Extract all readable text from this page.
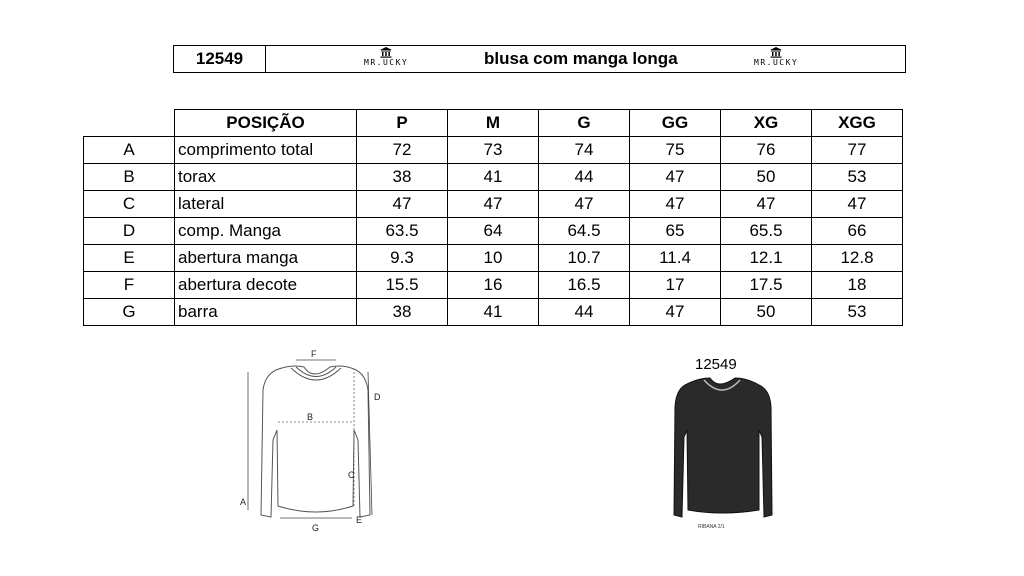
12549	MR.UCKY	blusa com manga longa	MR.UCKY
	POSIÇÃO	P	M	G	GG	XG	XGG
A	comprimento total	72	73	74	75	76	77
B	torax	38	41	44	47	50	53
C	lateral	47	47	47	47	47	47
D	comp. Manga	63.5	64	64.5	65	65.5	66
E	abertura manga	9.3	10	10.7	11.4	12.1	12.8
F	abertura decote	15.5	16	16.5	17	17.5	18
G	barra	38	41	44	47	50	53
F
D
B
C
A
E
G
12549
RIBANA 2/1
